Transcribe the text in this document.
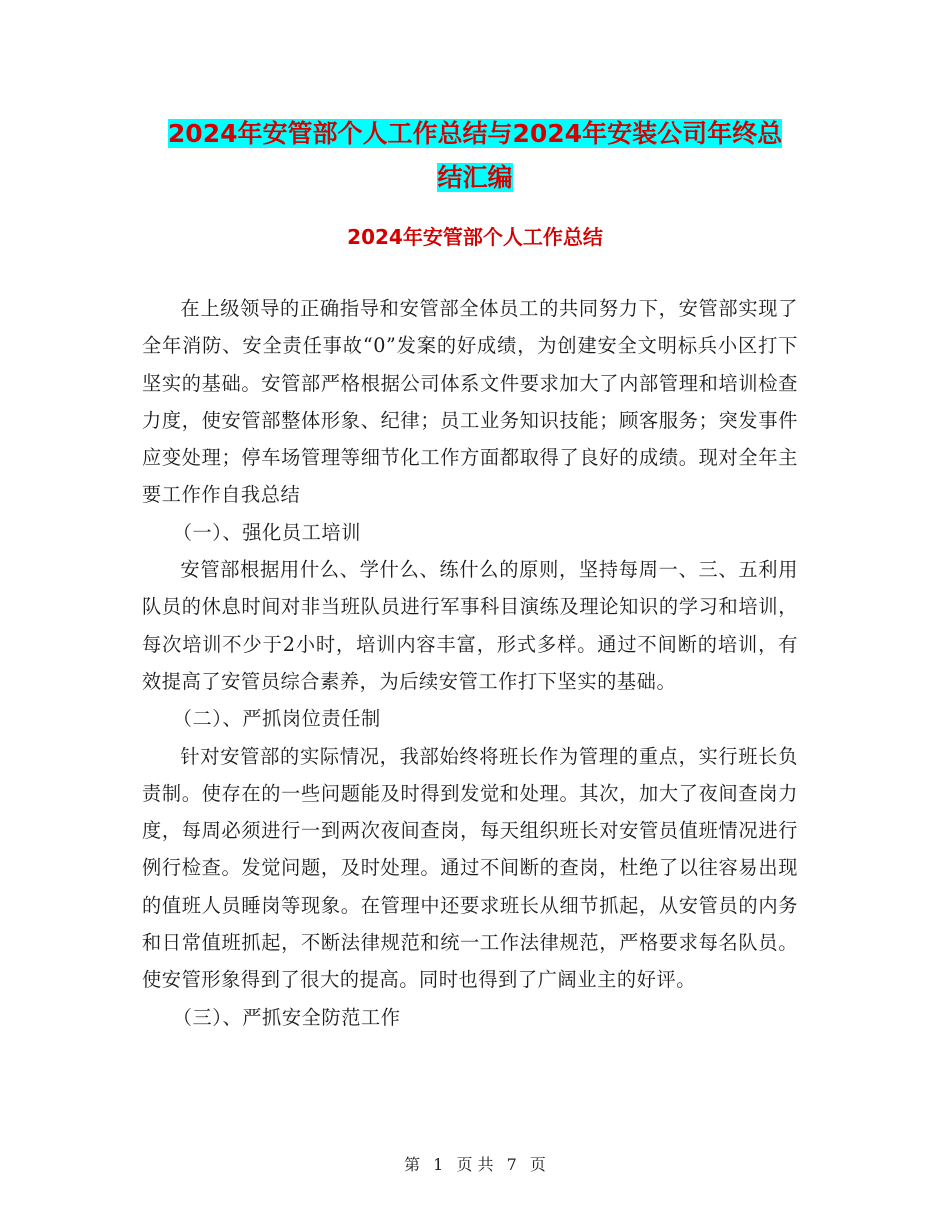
2024年安管部个人工作总结与2024年安装公司年终总
结汇编
2024年安管部个人工作总结

在上级领导的正确指导和安管部全体员工的共同努力下，安管部实现了全年消防、安全责任事故“0”发案的好成绩，为创建安全文明标兵小区打下坚实的基础。安管部严格根据公司体系文件要求加大了内部管理和培训检查力度，使安管部整体形象、纪律；员工业务知识技能；顾客服务；突发事件应变处理；停车场管理等细节化工作方面都取得了良好的成绩。现对全年主要工作作自我总结

（一）、强化员工培训

安管部根据用什么、学什么、练什么的原则，坚持每周一、三、五利用队员的休息时间对非当班队员进行军事科目演练及理论知识的学习和培训，每次培训不少于2小时，培训内容丰富，形式多样。通过不间断的培训，有效提高了安管员综合素养，为后续安管工作打下坚实的基础。

（二）、严抓岗位责任制

针对安管部的实际情况，我部始终将班长作为管理的重点，实行班长负责制。使存在的一些问题能及时得到发觉和处理。其次，加大了夜间查岗力度，每周必须进行一到两次夜间查岗，每天组织班长对安管员值班情况进行例行检查。发觉问题，及时处理。通过不间断的查岗，杜绝了以往容易出现的值班人员睡岗等现象。在管理中还要求班长从细节抓起，从安管员的内务和日常值班抓起，不断法律规范和统一工作法律规范，严格要求每名队员。使安管形象得到了很大的提高。同时也得到了广阔业主的好评。

（三）、严抓安全防范工作

第 1 页 共 7 页
